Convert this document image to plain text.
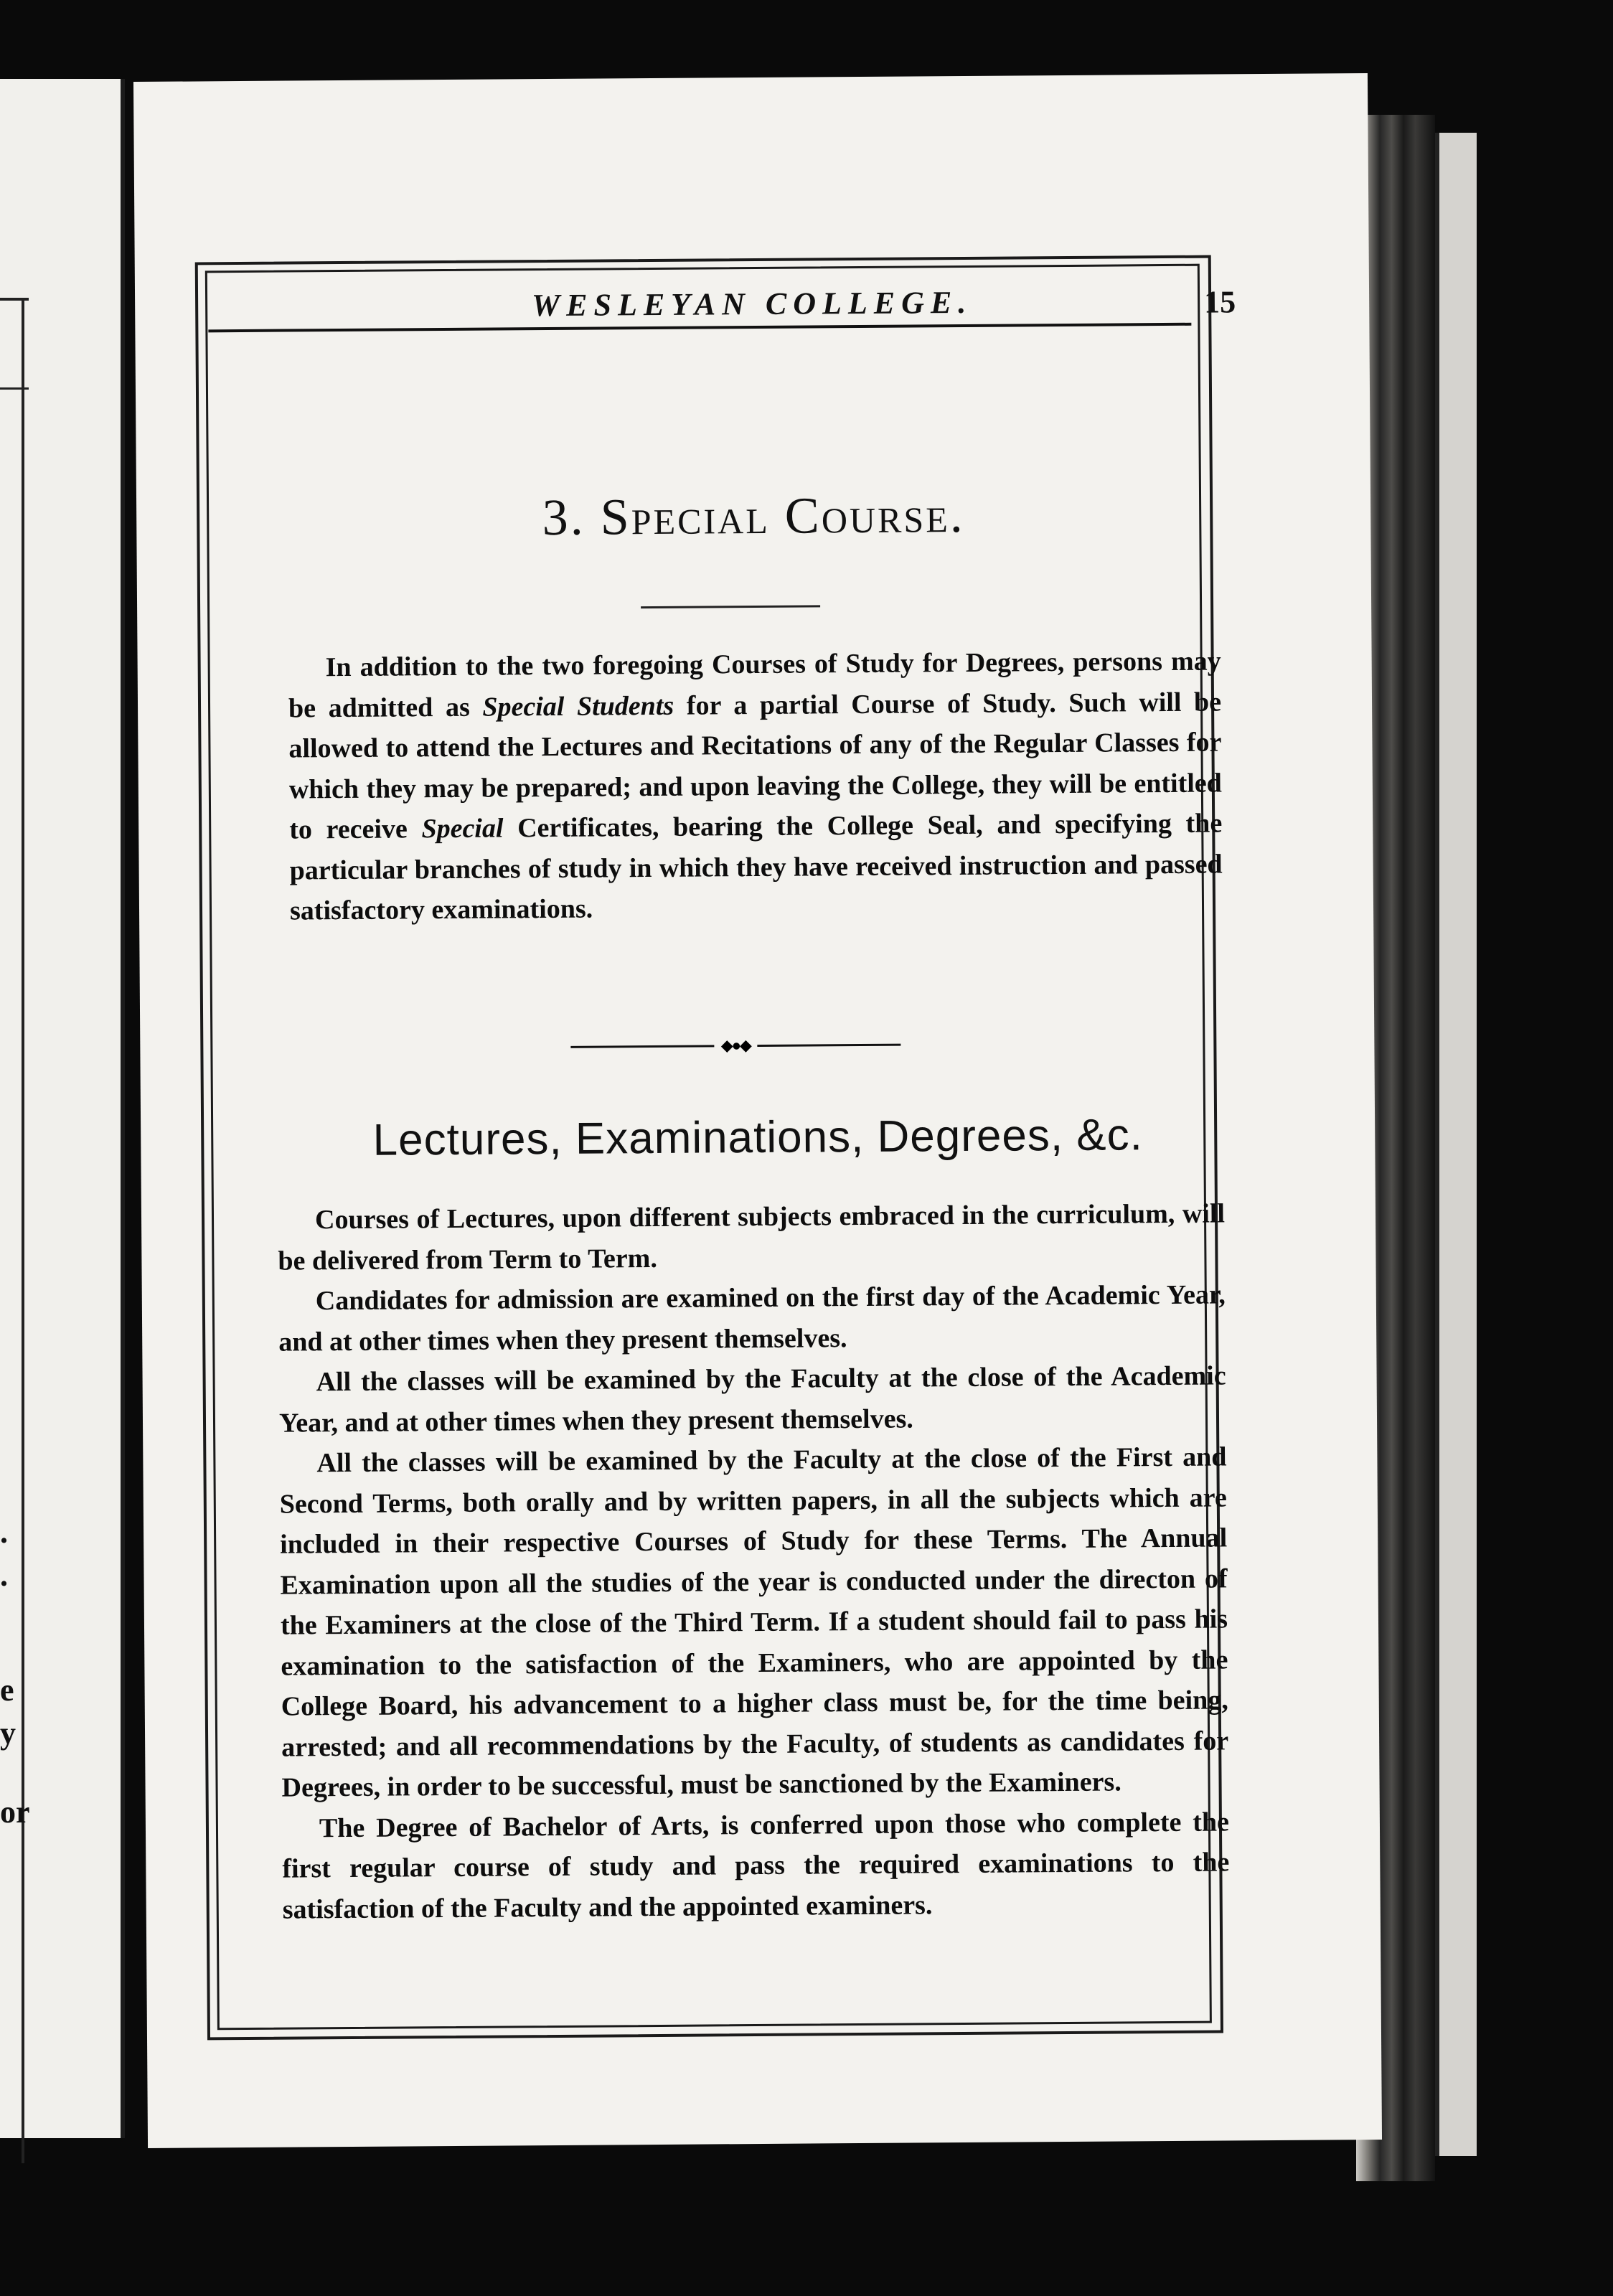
.
.
e
y
or
WESLEYAN COLLEGE.	15
3. Special Course.
In addition to the two foregoing Courses of Study for Degrees, persons may be admitted as Special Students for a partial Course of Study. Such will be allowed to attend the Lectures and Recitations of any of the Regular Classes for which they may be prepared; and upon leaving the College, they will be entitled to receive Special Certificates, bearing the College Seal, and specifying the particular branches of study in which they have received instruction and passed satisfactory examinations.
◆●◆
Lectures, Examinations, Degrees, &c.

Courses of Lectures, upon different subjects embraced in the curriculum, will be delivered from Term to Term.

Candidates for admission are examined on the first day of the Academic Year, and at other times when they present themselves.

All the classes will be examined by the Faculty at the close of the Academic Year, and at other times when they present themselves.

All the classes will be examined by the Faculty at the close of the First and Second Terms, both orally and by written papers, in all the subjects which are included in their respective Courses of Study for these Terms. The Annual Examination upon all the studies of the year is conducted under the directon of the Examiners at the close of the Third Term. If a student should fail to pass his examination to the satisfaction of the Examiners, who are appointed by the College Board, his advancement to a higher class must be, for the time being, arrested; and all recommendations by the Faculty, of students as candidates for Degrees, in order to be successful, must be sanctioned by the Examiners.

The Degree of Bachelor of Arts, is conferred upon those who complete the first regular course of study and pass the required examinations to the satisfaction of the Faculty and the appointed examiners.
